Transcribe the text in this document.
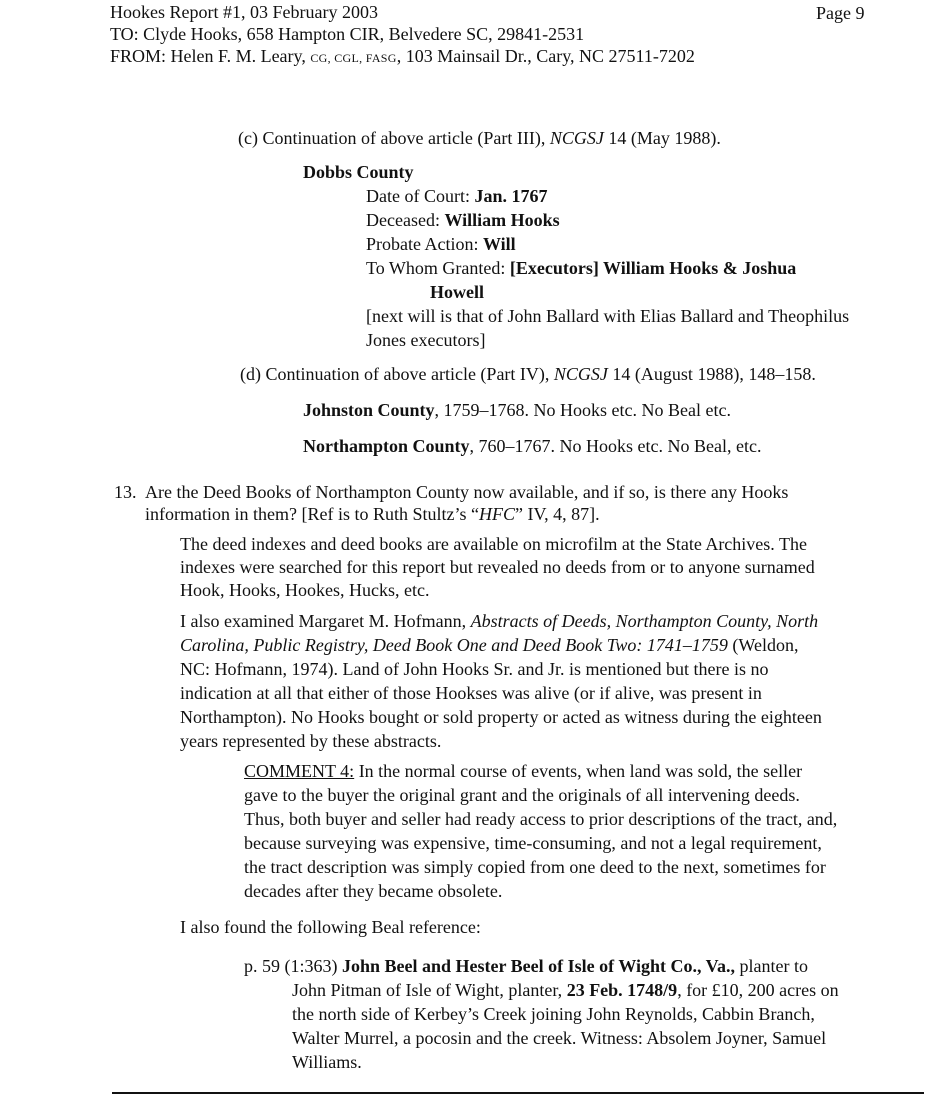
Hookes Report #1, 03 February 2003
TO: Clyde Hooks, 658 Hampton CIR, Belvedere SC, 29841-2531
FROM: Helen F. M. Leary, CG, CGL, FASG, 103 Mainsail Dr., Cary, NC 27511-7202
Page 9
(c) Continuation of above article (Part III), NCGSJ 14 (May 1988).
Dobbs County
Date of Court: Jan. 1767
Deceased: William Hooks
Probate Action: Will
To Whom Granted: [Executors] William Hooks & Joshua
Howell
[next will is that of John Ballard with Elias Ballard and Theophilus
Jones executors]
(d) Continuation of above article (Part IV), NCGSJ 14 (August 1988), 148–158.
Johnston County, 1759–1768. No Hooks etc. No Beal etc.
Northampton County, 760–1767. No Hooks etc. No Beal, etc.
13. Are the Deed Books of Northampton County now available, and if so, is there any Hooks
information in them? [Ref is to Ruth Stultz’s “HFC” IV, 4, 87].
The deed indexes and deed books are available on microfilm at the State Archives. The
indexes were searched for this report but revealed no deeds from or to anyone surnamed
Hook, Hooks, Hookes, Hucks, etc.
I also examined Margaret M. Hofmann, Abstracts of Deeds, Northampton County, North
Carolina, Public Registry, Deed Book One and Deed Book Two: 1741–1759 (Weldon,
NC: Hofmann, 1974). Land of John Hooks Sr. and Jr. is mentioned but there is no
indication at all that either of those Hookses was alive (or if alive, was present in
Northampton). No Hooks bought or sold property or acted as witness during the eighteen
years represented by these abstracts.
COMMENT 4: In the normal course of events, when land was sold, the seller
gave to the buyer the original grant and the originals of all intervening deeds.
Thus, both buyer and seller had ready access to prior descriptions of the tract, and,
because surveying was expensive, time-consuming, and not a legal requirement,
the tract description was simply copied from one deed to the next, sometimes for
decades after they became obsolete.
I also found the following Beal reference:
p. 59 (1:363) John Beel and Hester Beel of Isle of Wight Co., Va., planter to
John Pitman of Isle of Wight, planter, 23 Feb. 1748/9, for £10, 200 acres on
the north side of Kerbey’s Creek joining John Reynolds, Cabbin Branch,
Walter Murrel, a pocosin and the creek. Witness: Absolem Joyner, Samuel
Williams.
